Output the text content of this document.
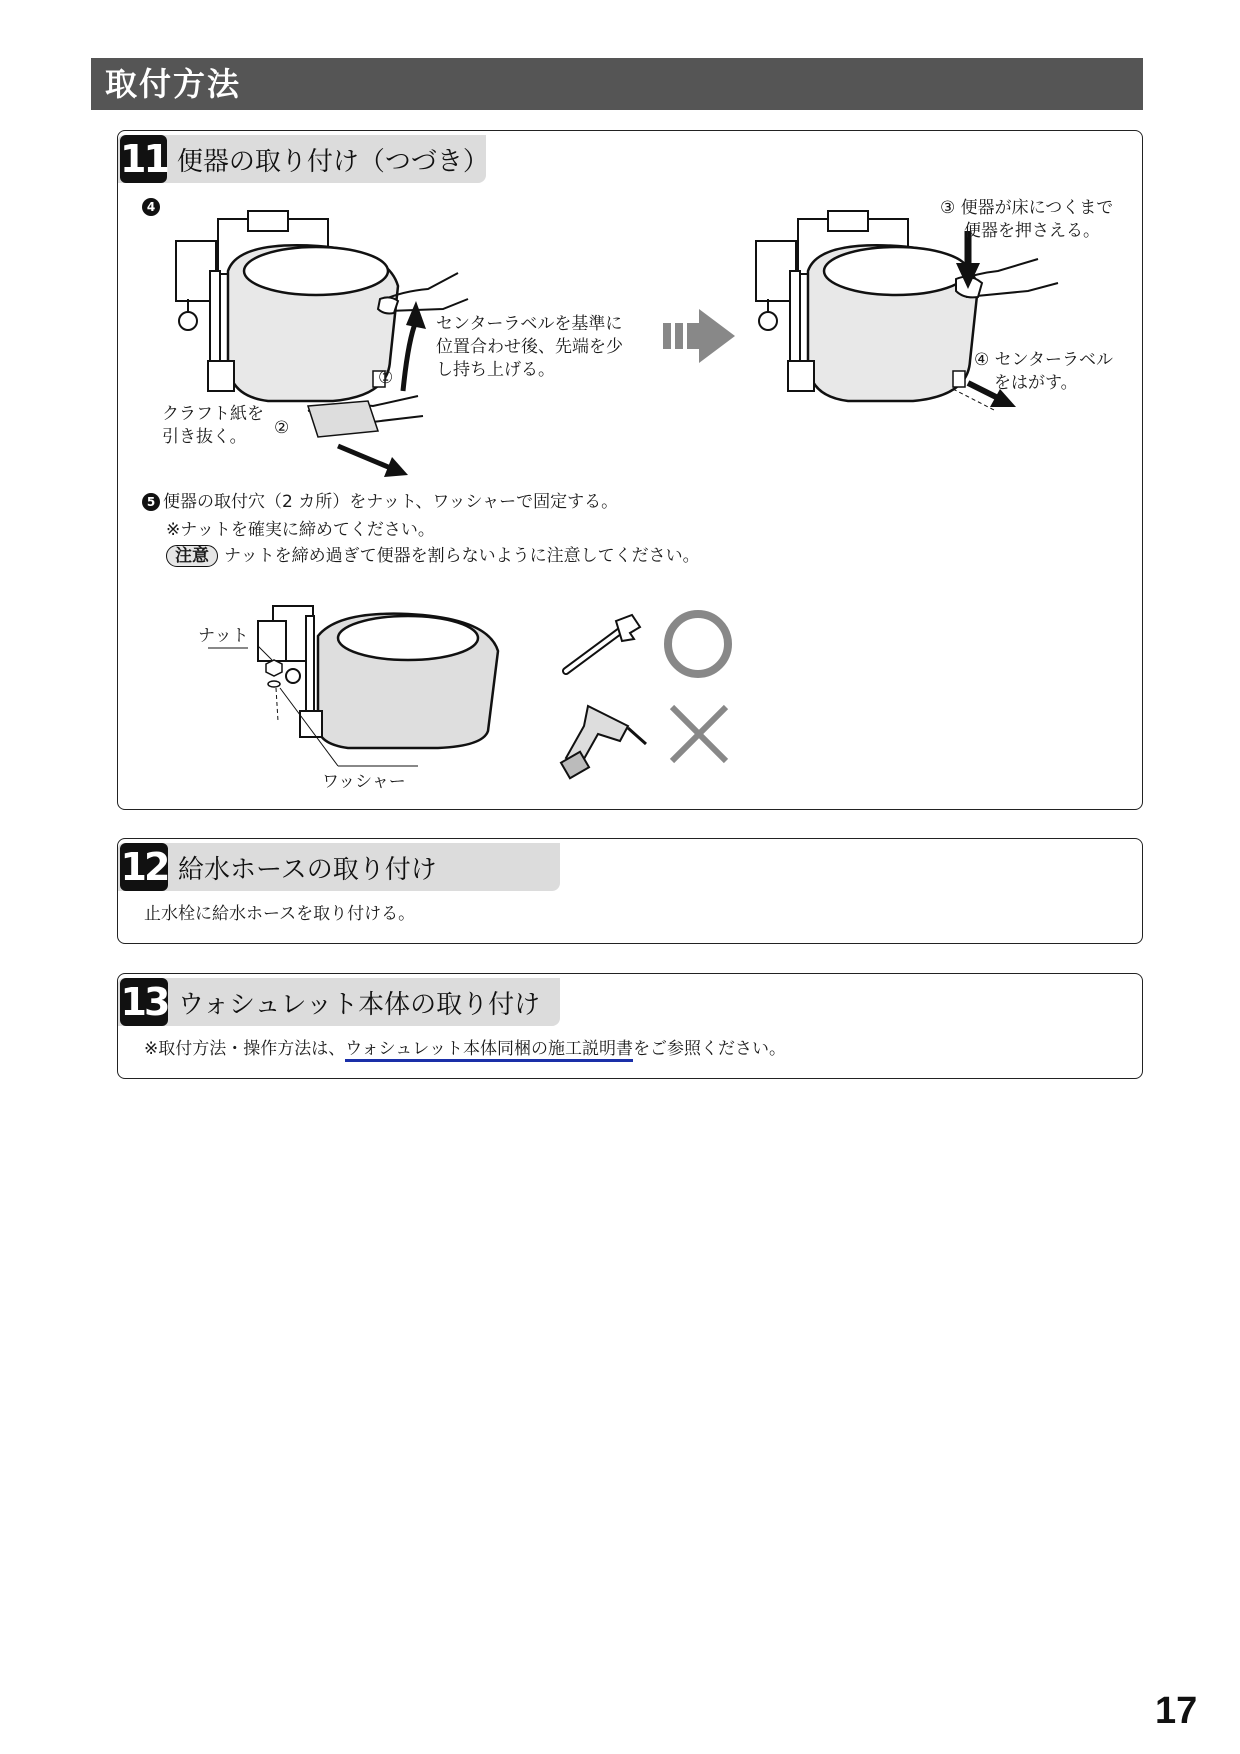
取付方法
11 便器の取り付け（つづき）
4
センターラベルを基準に
位置合わせ後、先端を少
し持ち上げる。
①
クラフト紙を
引き抜く。	②
③ 便器が床につくまで
便器を押さえる。
④ センターラベル
をはがす。
5 便器の取付穴（2 カ所）をナット、ワッシャーで固定する。
※ナットを確実に締めてください。
注意 ナットを締め過ぎて便器を割らないように注意してください。
ナット
ワッシャー
12 給水ホースの取り付け
止水栓に給水ホースを取り付ける。
13 ウォシュレット本体の取り付け
※取付方法・操作方法は、ウォシュレット本体同梱の施工説明書をご参照ください。
17
